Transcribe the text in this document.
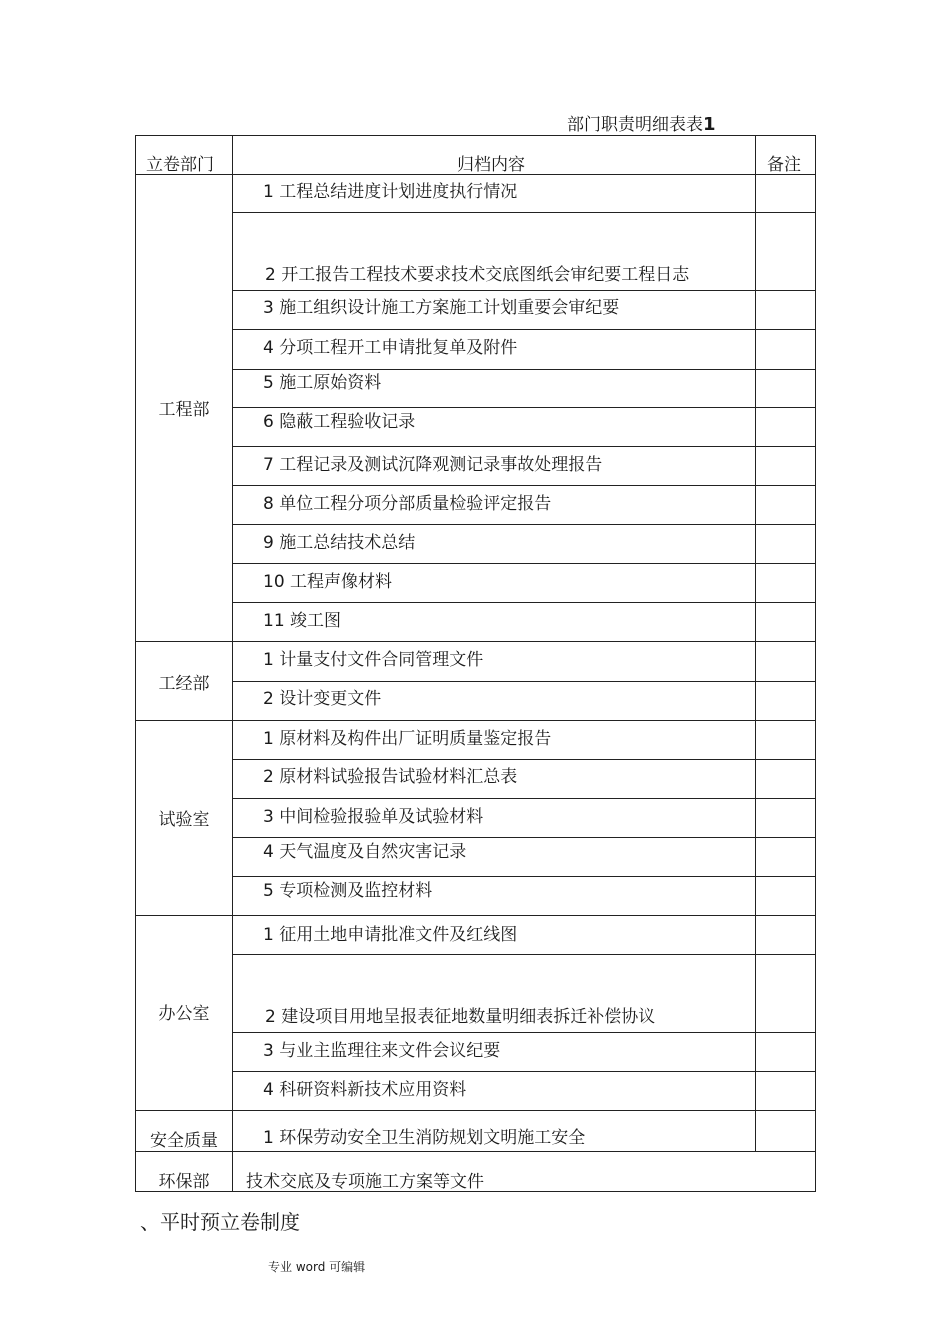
部门职责明细表表1
立卷部门	归档内容	备注
工程部
工经部
试验室
办公室
安全质量
环保部
1 工程总结进度计划进度执行情况
2 开工报告工程技术要求技术交底图纸会审纪要工程日志
3 施工组织设计施工方案施工计划重要会审纪要
4 分项工程开工申请批复单及附件
5 施工原始资料
6 隐蔽工程验收记录
7 工程记录及测试沉降观测记录事故处理报告
8 单位工程分项分部质量检验评定报告
9 施工总结技术总结
10 工程声像材料
11 竣工图
1 计量支付文件合同管理文件
2 设计变更文件
1 原材料及构件出厂证明质量鉴定报告
2 原材料试验报告试验材料汇总表
3 中间检验报验单及试验材料
4 天气温度及自然灾害记录
5 专项检测及监控材料
1 征用土地申请批准文件及红线图
2 建设项目用地呈报表征地数量明细表拆迁补偿协议
3 与业主监理往来文件会议纪要
4 科研资料新技术应用资料
1 环保劳动安全卫生消防规划文明施工安全
技术交底及专项施工方案等文件
、平时预立卷制度
专业 word 可编辑
